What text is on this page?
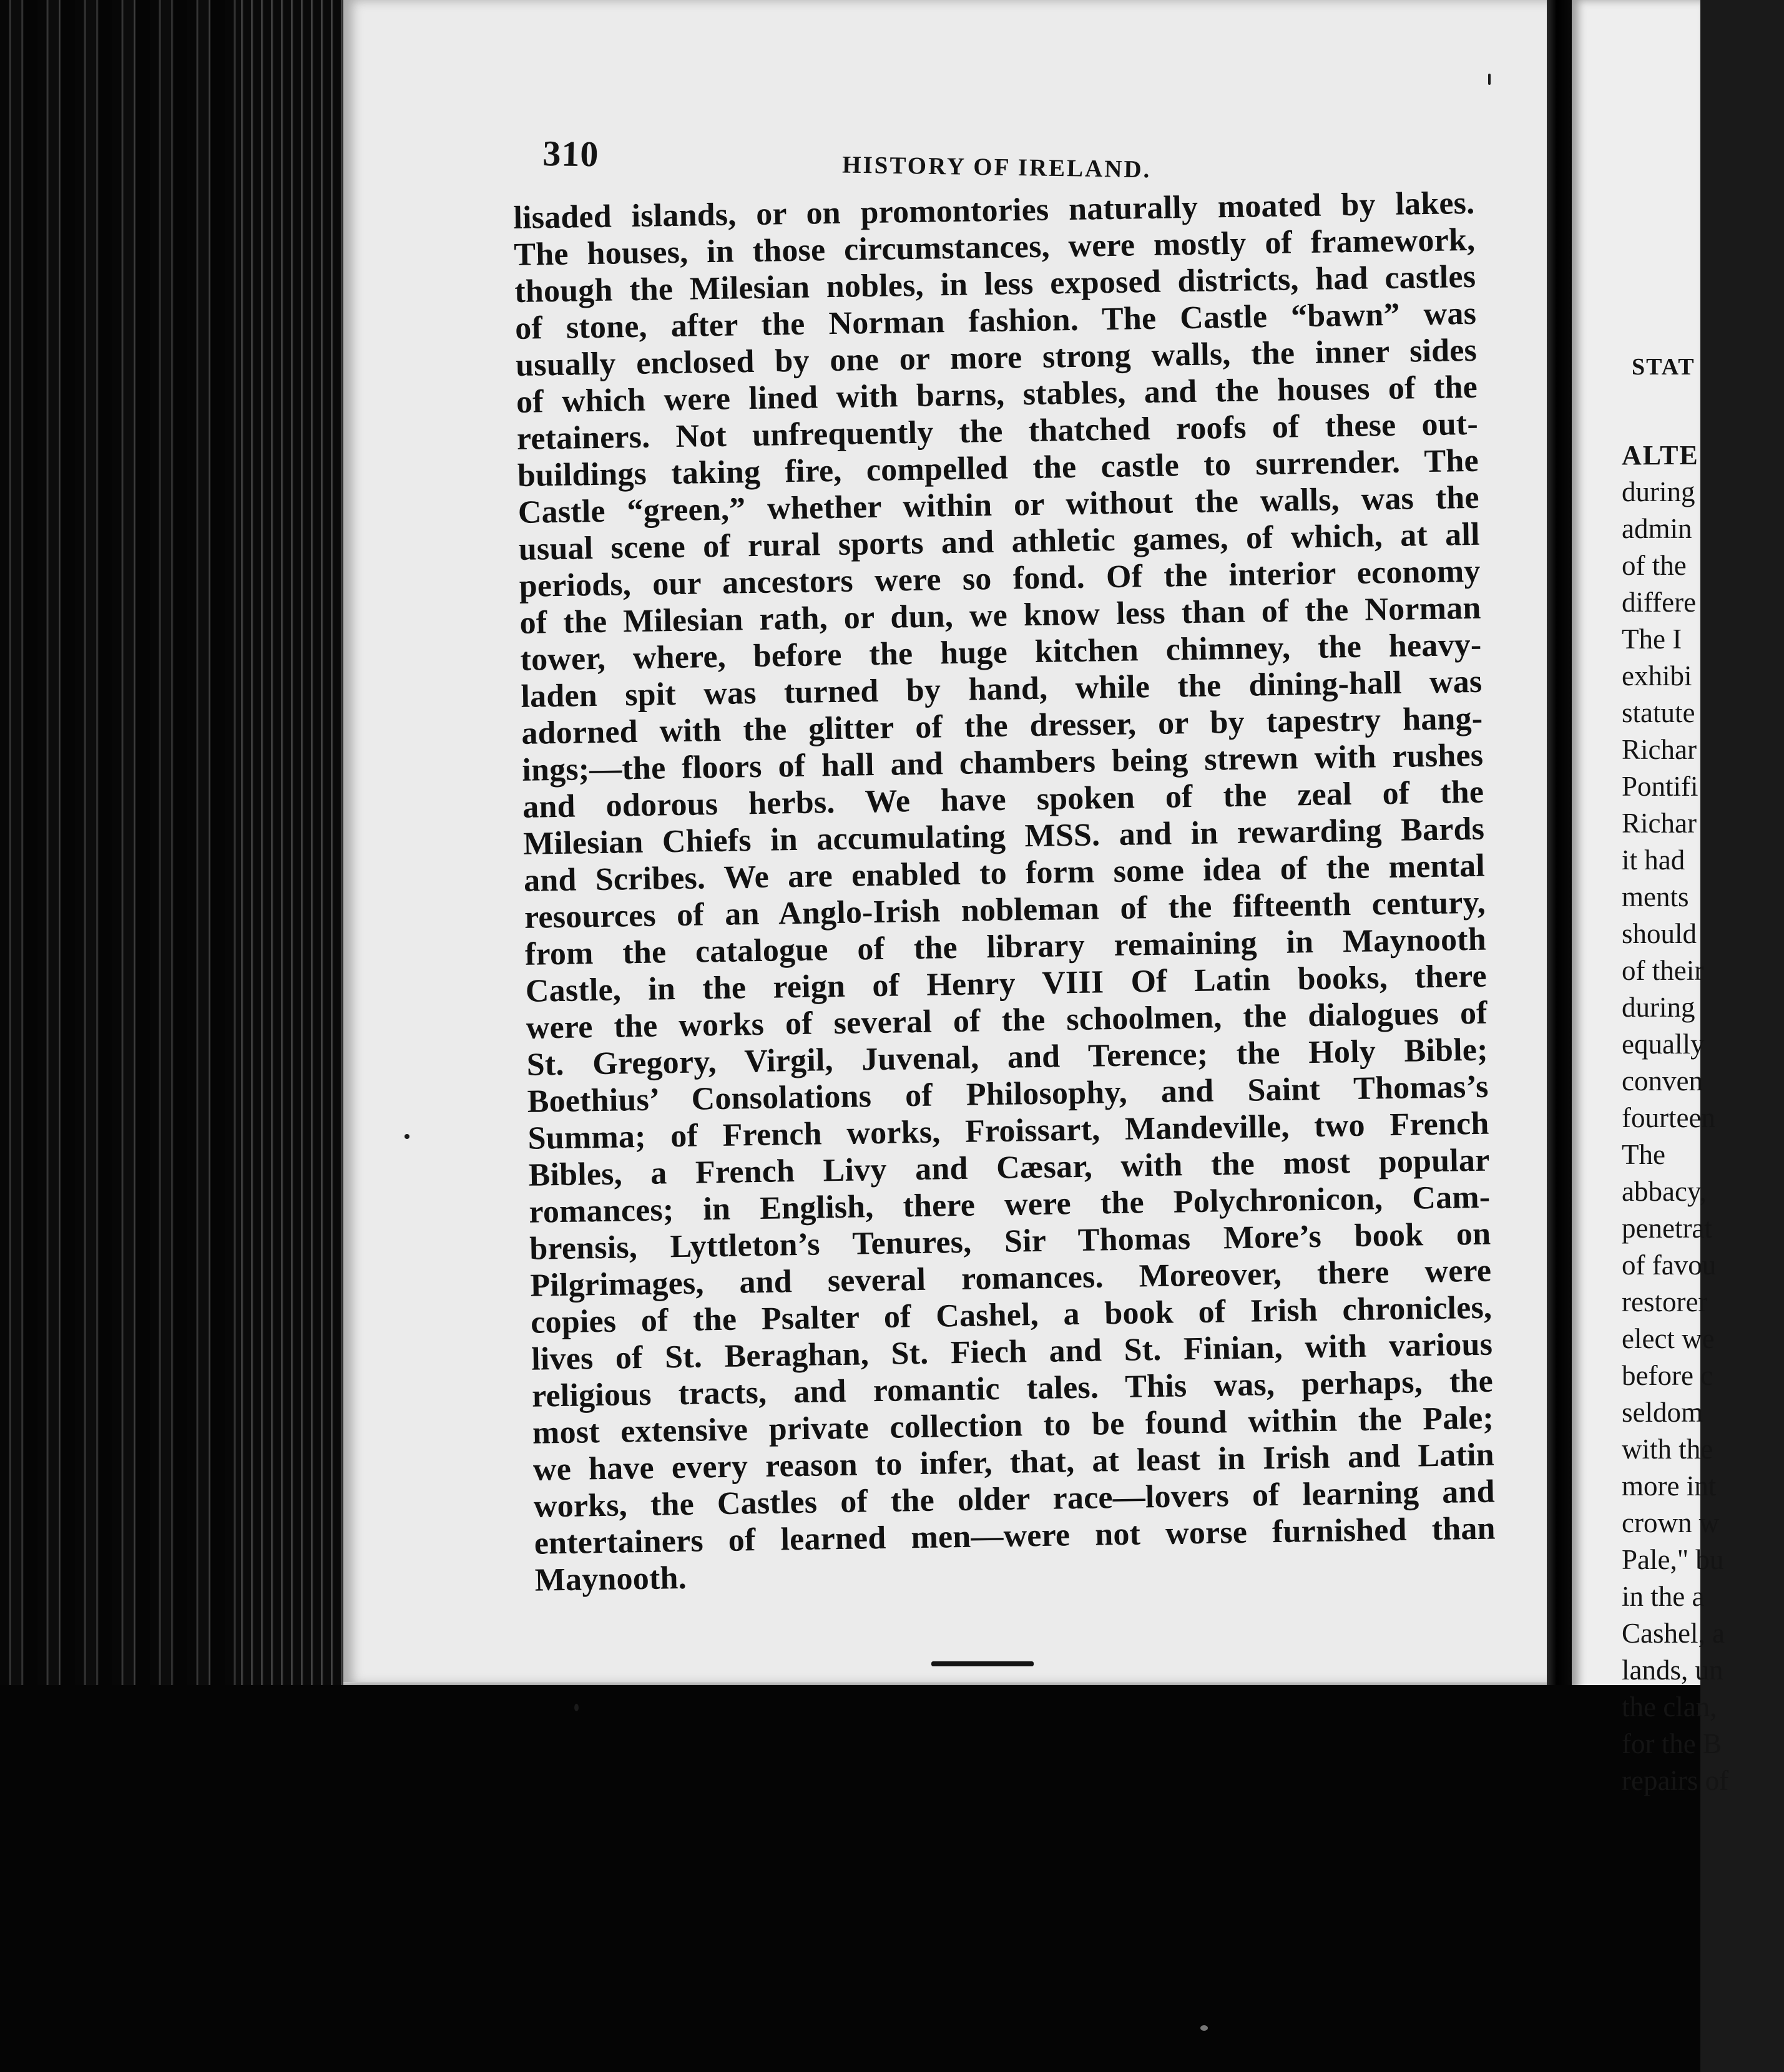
310	HISTORY OF IRELAND.
lisaded islands, or on promontories naturally moated by lakes.
The houses, in those circumstances, were mostly of framework,
though the Milesian nobles, in less exposed districts, had castles
of stone, after the Norman fashion. The Castle “bawn” was
usually enclosed by one or more strong walls, the inner sides
of which were lined with barns, stables, and the houses of the
retainers. Not unfrequently the thatched roofs of these out-
buildings taking fire, compelled the castle to surrender. The
Castle “green,” whether within or without the walls, was the
usual scene of rural sports and athletic games, of which, at all
periods, our ancestors were so fond. Of the interior economy
of the Milesian rath, or dun, we know less than of the Norman
tower, where, before the huge kitchen chimney, the heavy-
laden spit was turned by hand, while the dining-hall was
adorned with the glitter of the dresser, or by tapestry hang-
ings;—the floors of hall and chambers being strewn with rushes
and odorous herbs. We have spoken of the zeal of the
Milesian Chiefs in accumulating MSS. and in rewarding Bards
and Scribes. We are enabled to form some idea of the mental
resources of an Anglo-Irish nobleman of the fifteenth century,
from the catalogue of the library remaining in Maynooth
Castle, in the reign of Henry VIII Of Latin books, there
were the works of several of the schoolmen, the dialogues of
St. Gregory, Virgil, Juvenal, and Terence; the Holy Bible;
Boethius’ Consolations of Philosophy, and Saint Thomas’s
Summa; of French works, Froissart, Mandeville, two French
Bibles, a French Livy and Cæsar, with the most popular
romances; in English, there were the Polychronicon, Cam-
brensis, Lyttleton’s Tenures, Sir Thomas More’s book on
Pilgrimages, and several romances. Moreover, there were
copies of the Psalter of Cashel, a book of Irish chronicles,
lives of St. Beraghan, St. Fiech and St. Finian, with various
religious tracts, and romantic tales. This was, perhaps, the
most extensive private collection to be found within the Pale;
we have every reason to infer, that, at least in Irish and Latin
works, the Castles of the older race—lovers of learning and
entertainers of learned men—were not worse furnished than
Maynooth.
STAT
ALTE
during
admin
of the
differe
The I
exhibi
statute
Richar
Pontifi
Richar
it had
ments
should
of their
during
equally
conven
fourteen
The
abbacy,
penetrat
of favou
restorer
elect we
before c
seldom
with the
more int
crown w
Pale," bu
in the a
Cashel, a
lands, un
the clan,
for the B
repairs of
